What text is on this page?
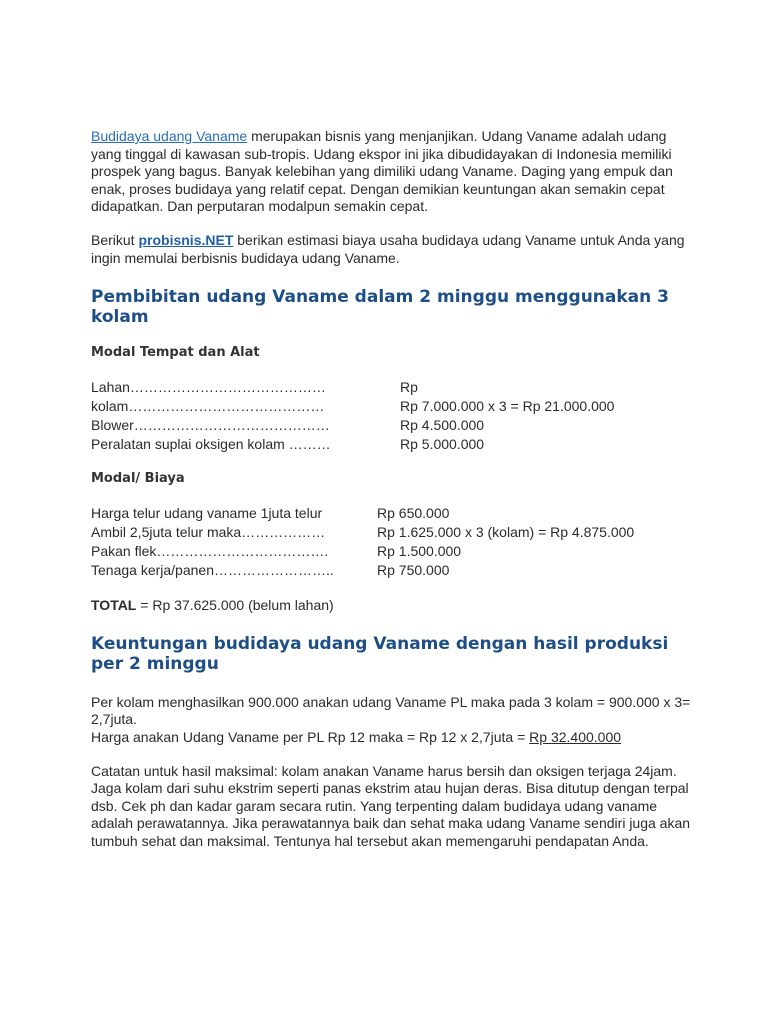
Budidaya udang Vaname merupakan bisnis yang menjanjikan. Udang Vaname adalah udang yang tinggal di kawasan sub-tropis. Udang ekspor ini jika dibudidayakan di Indonesia memiliki prospek yang bagus. Banyak kelebihan yang dimiliki udang Vaname. Daging yang empuk dan enak, proses budidaya yang relatif cepat. Dengan demikian keuntungan akan semakin cepat didapatkan. Dan perputaran modalpun semakin cepat.

Berikut probisnis.NET berikan estimasi biaya usaha budidaya udang Vaname untuk Anda yang ingin memulai berbisnis budidaya udang Vaname.

Pembibitan udang Vaname dalam 2 minggu menggunakan 3 kolam
Modal Tempat dan Alat
Lahan……………………………………	Rp
kolam……………………………………	Rp 7.000.000 x 3 = Rp 21.000.000
Blower……………………………………	Rp 4.500.000
Peralatan suplai oksigen kolam ………	Rp 5.000.000
Modal/ Biaya
Harga telur udang vaname 1juta telur	Rp 650.000
Ambil 2,5juta telur maka………………	Rp 1.625.000 x 3 (kolam) = Rp 4.875.000
Pakan flek……………………………….	Rp 1.500.000
Tenaga kerja/panen……………………..	Rp 750.000

TOTAL = Rp 37.625.000 (belum lahan)

Keuntungan budidaya udang Vaname dengan hasil produksi per 2 minggu

Per kolam menghasilkan 900.000 anakan udang Vaname PL maka pada 3 kolam = 900.000 x 3= 2,7juta.

Harga anakan Udang Vaname per PL Rp 12 maka = Rp 12 x 2,7juta = Rp 32.400.000

Catatan untuk hasil maksimal: kolam anakan Vaname harus bersih dan oksigen terjaga 24jam. Jaga kolam dari suhu ekstrim seperti panas ekstrim atau hujan deras. Bisa ditutup dengan terpal dsb. Cek ph dan kadar garam secara rutin. Yang terpenting dalam budidaya udang vaname adalah perawatannya. Jika perawatannya baik dan sehat maka udang Vaname sendiri juga akan tumbuh sehat dan maksimal. Tentunya hal tersebut akan memengaruhi pendapatan Anda.
